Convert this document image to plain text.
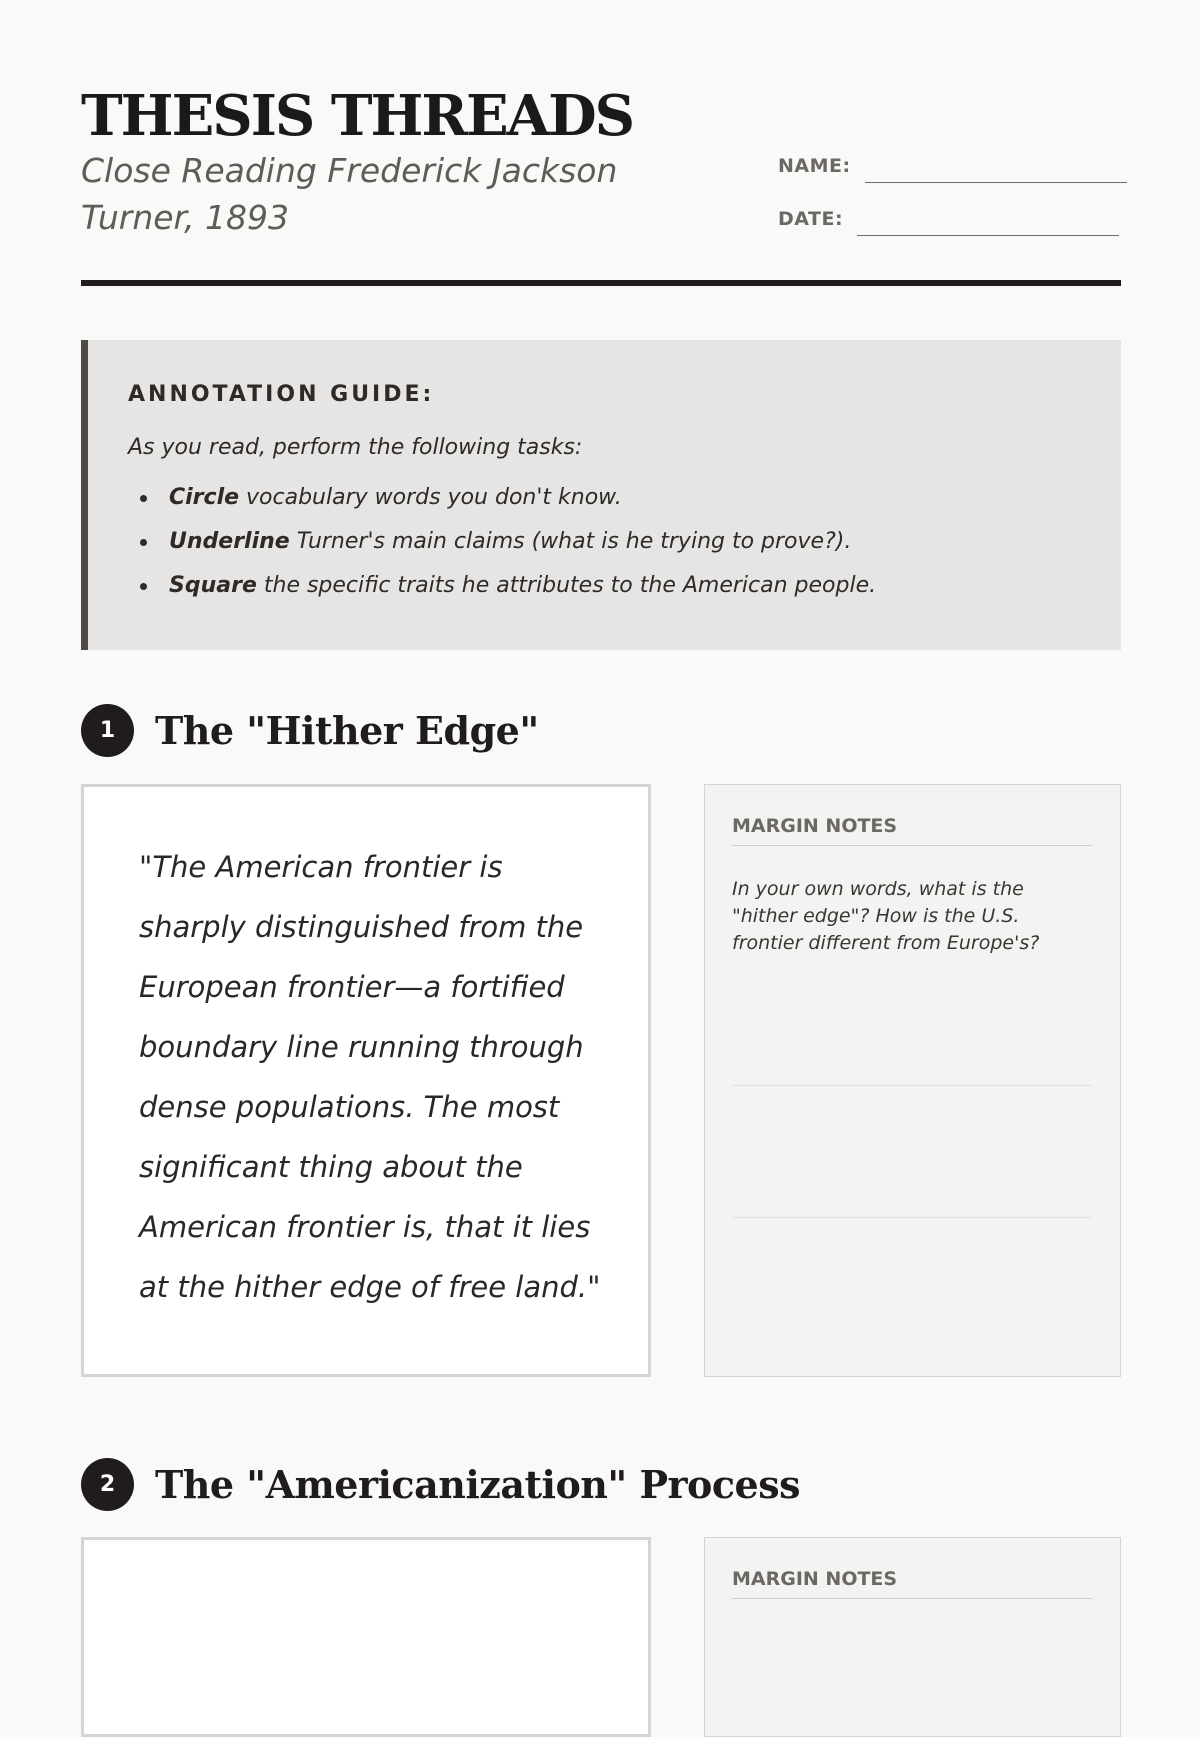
THESIS THREADS

Close Reading Frederick Jackson Turner, 1893

NAME:
DATE:
ANNOTATION GUIDE:

As you read, perform the following tasks:

Circle vocabulary words you don't know.
Underline Turner's main claims (what is he trying to prove?).
Square the specific traits he attributes to the American people.
1	The "Hither Edge"

"The American frontier is sharply distinguished from the European frontier—a fortified boundary line running through dense populations. The most significant thing about the American frontier is, that it lies at the hither edge of free land."

MARGIN NOTES

In your own words, what is the "hither edge"? How is the U.S. frontier different from Europe's?

2	The "Americanization" Process

MARGIN NOTES
